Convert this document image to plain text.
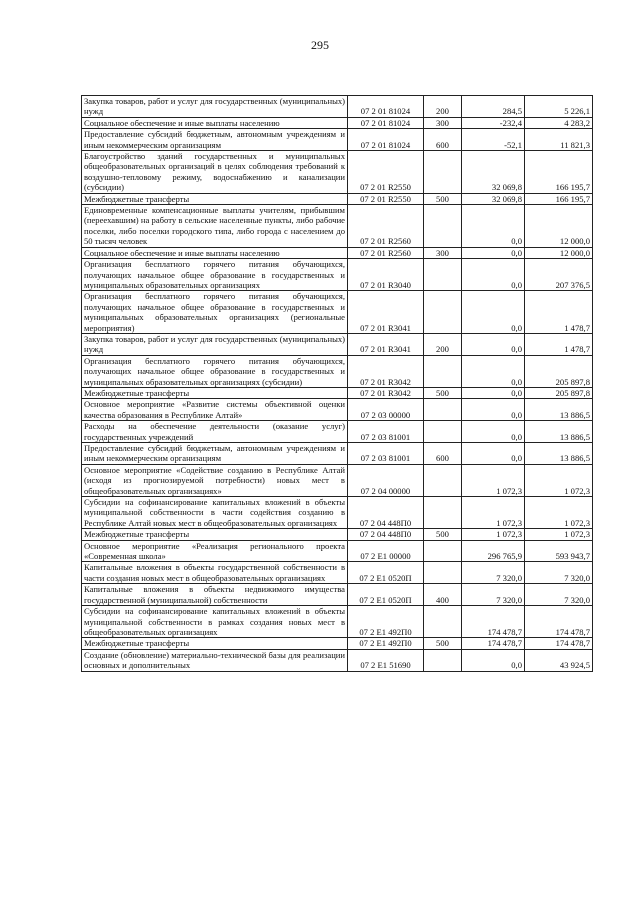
295
Закупка товаров, работ и услуг для государственных (муниципальных) нужд	07 2 01 81024	200	284,5	5 226,1
Социальное обеспечение и иные выплаты населению	07 2 01 81024	300	-232,4	4 283,2
Предоставление субсидий бюджетным, автономным учреждениям и иным некоммерческим организациям	07 2 01 81024	600	-52,1	11 821,3
Благоустройство зданий государственных и муниципальных общеобразовательных организаций в целях соблюдения требований к воздушно-тепловому режиму, водоснабжению и канализации (субсидии)	07 2 01 R2550		32 069,8	166 195,7
Межбюджетные трансферты	07 2 01 R2550	500	32 069,8	166 195,7
Единовременные компенсационные выплаты учителям, прибывшим (переехавшим) на работу в сельские населенные пункты, либо рабочие поселки, либо поселки городского типа, либо города с населением до 50 тысяч человек	07 2 01 R2560		0,0	12 000,0
Социальное обеспечение и иные выплаты населению	07 2 01 R2560	300	0,0	12 000,0
Организация бесплатного горячего питания обучающихся, получающих начальное общее образование в государственных и муниципальных образовательных организациях	07 2 01 R3040		0,0	207 376,5
Организация бесплатного горячего питания обучающихся, получающих начальное общее образование в государственных и муниципальных образовательных организациях (региональные мероприятия)	07 2 01 R3041		0,0	1 478,7
Закупка товаров, работ и услуг для государственных (муниципальных) нужд	07 2 01 R3041	200	0,0	1 478,7
Организация бесплатного горячего питания обучающихся, получающих начальное общее образование в государственных и муниципальных образовательных организациях (субсидии)	07 2 01 R3042		0,0	205 897,8
Межбюджетные трансферты	07 2 01 R3042	500	0,0	205 897,8
Основное мероприятие «Развитие системы объективной оценки качества образования в Республике Алтай»	07 2 03 00000		0,0	13 886,5
Расходы на обеспечение деятельности (оказание услуг) государственных учреждений	07 2 03 81001		0,0	13 886,5
Предоставление субсидий бюджетным, автономным учреждениям и иным некоммерческим организациям	07 2 03 81001	600	0,0	13 886,5
Основное мероприятие «Содействие созданию в Республике Алтай (исходя из прогнозируемой потребности) новых мест в общеобразовательных организациях»	07 2 04 00000		1 072,3	1 072,3
Субсидии на софинансирование капитальных вложений в объекты муниципальной собственности в части содействия созданию в Республике Алтай новых мест в общеобразовательных организациях	07 2 04 448П0		1 072,3	1 072,3
Межбюджетные трансферты	07 2 04 448П0	500	1 072,3	1 072,3
Основное мероприятие «Реализация регионального проекта «Современная школа»	07 2 E1 00000		296 765,9	593 943,7
Капитальные вложения в объекты государственной собственности в части создания новых мест в общеобразовательных организациях	07 2 E1 0520П		7 320,0	7 320,0
Капитальные вложения в объекты недвижимого имущества государственной (муниципальной) собственности	07 2 E1 0520П	400	7 320,0	7 320,0
Субсидии на софинансирование капитальных вложений в объекты муниципальной собственности в рамках создания новых мест в общеобразовательных организациях	07 2 E1 492П0		174 478,7	174 478,7
Межбюджетные трансферты	07 2 E1 492П0	500	174 478,7	174 478,7
Создание (обновление) материально-технической базы для реализации основных и дополнительных	07 2 E1 51690		0,0	43 924,5
